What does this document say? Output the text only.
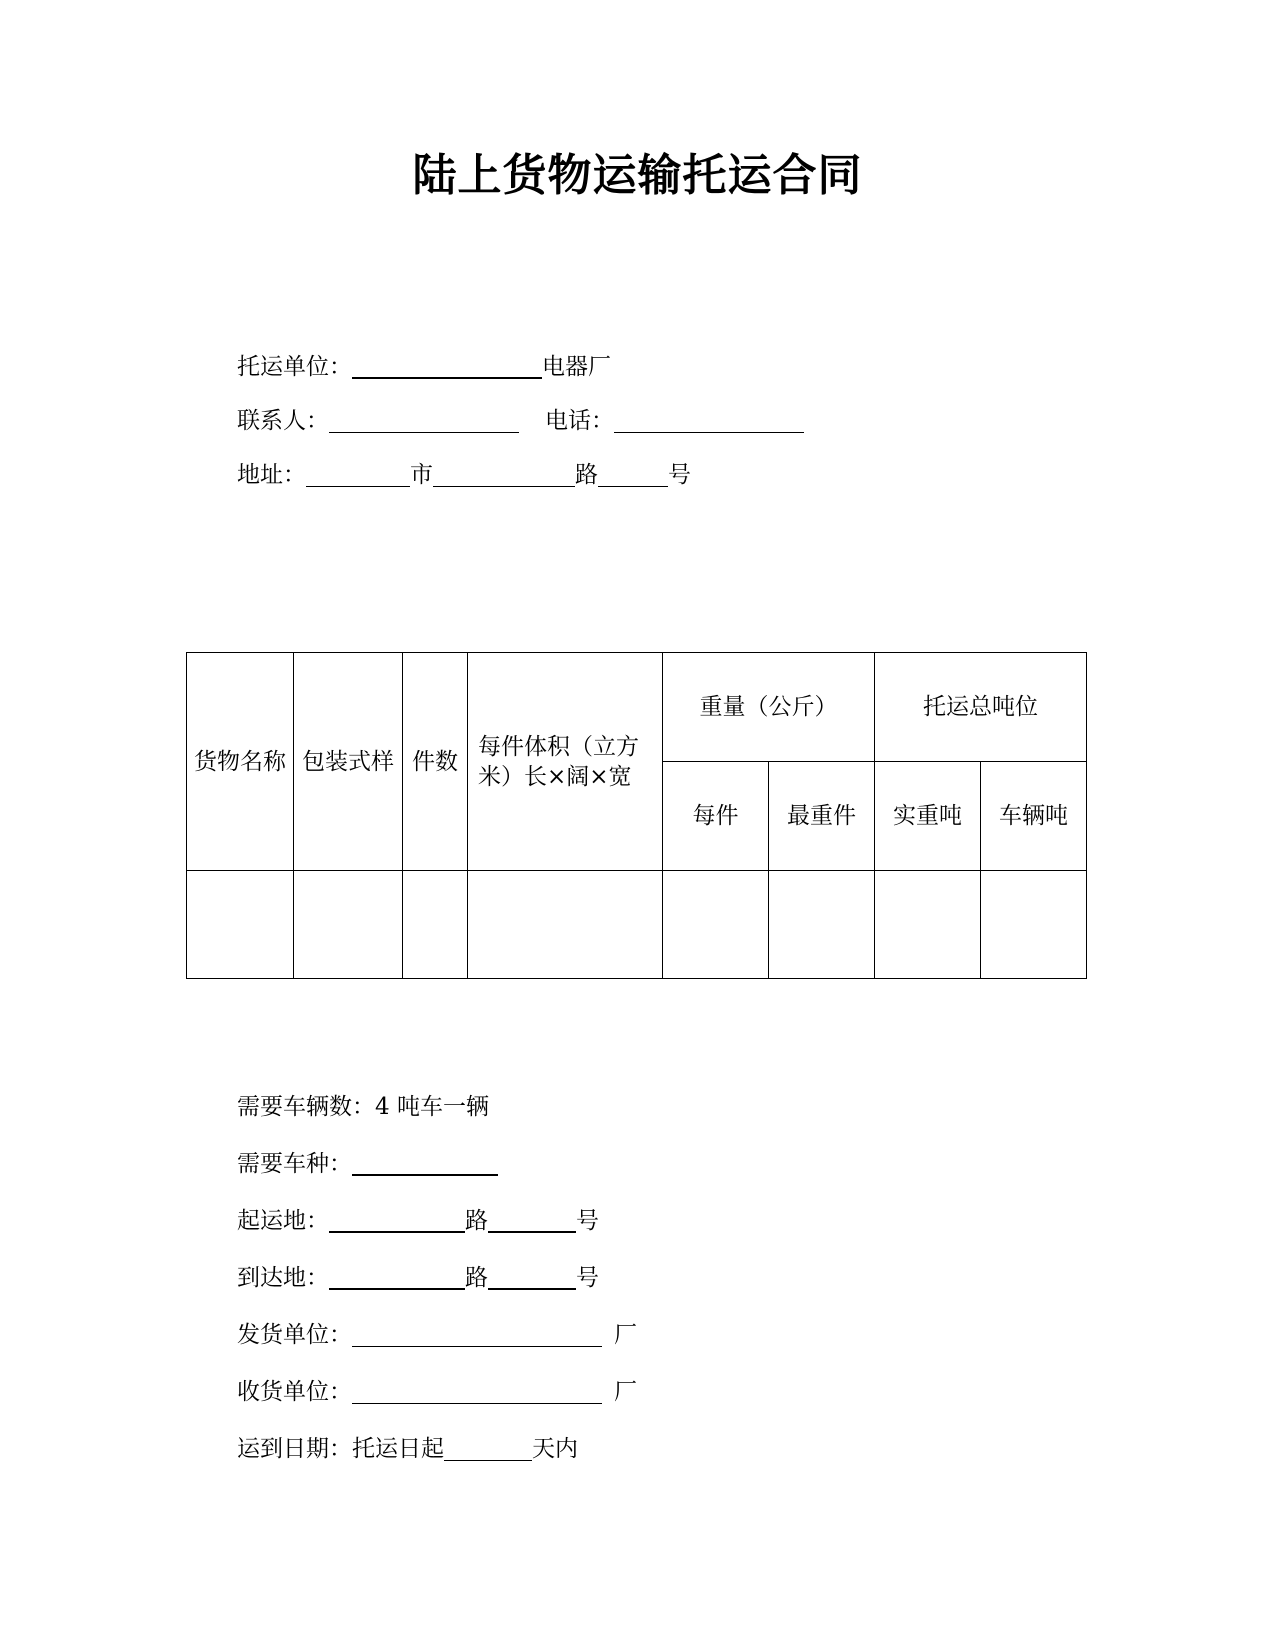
陆上货物运输托运合同
托运单位：	电器厂
联系人：	电话：
地址：	市	路	号
货物名称	包装式样	件数	每件体积（立方米）长×阔×宽	重量（公斤）		托运总吨位	
				每件	最重件	实重吨	车辆吨

需要车辆数：4 吨车一辆
需要车种：
起运地：	路	号
到达地：	路	号
发货单位：	厂
收货单位：	厂
运到日期：托运日起	天内
